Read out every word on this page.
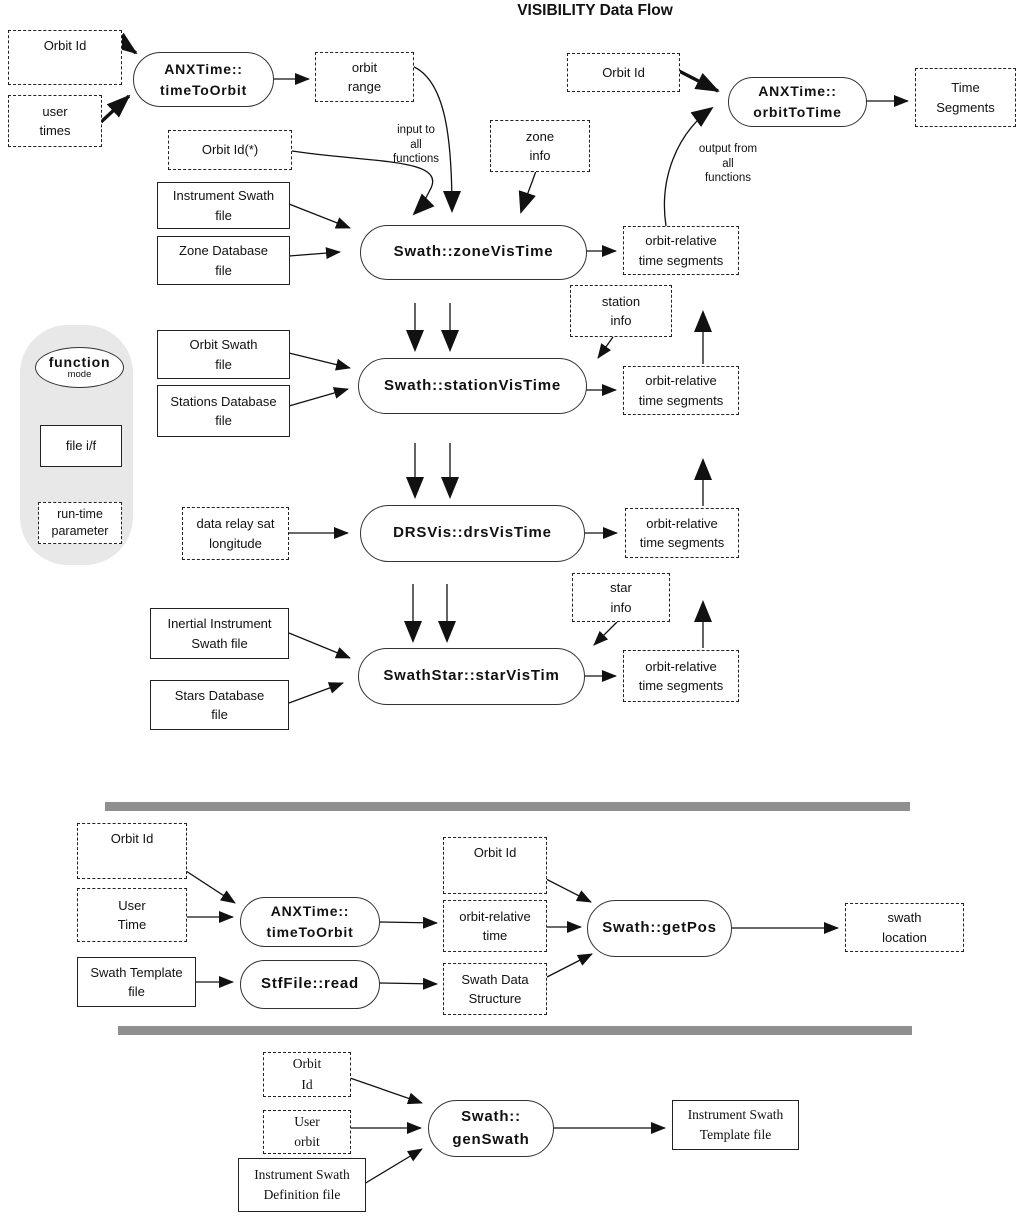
VISIBILITY Data Flow
Orbit Id
user
times
ANXTime::
timeToOrbit
orbit
range
Orbit Id(*)
input to
all
functions
zone
info
Orbit Id
ANXTime::
orbitToTime
output from
all
functions
Time
Segments
Instrument Swath
file
Zone Database
file
Swath::zoneVisTime
orbit-relative
time segments
station
info
Orbit Swath
file
Stations Database
file
Swath::stationVisTime	orbit-relative
time segments
function
mode
file i/f
run-time
parameter	data relay sat
longitude
DRSVis::drsVisTime
orbit-relative
time segments
star
info
Inertial Instrument
Swath file
Stars Database
file
SwathStar::starVisTim
orbit-relative
time segments
Orbit Id
User
Time
ANXTime::
timeToOrbit
Swath Template
file	StfFile::read
Orbit Id
orbit-relative
time
Swath Data
Structure
Swath::getPos
swath
location
Orbit
Id
User
orbit
Instrument Swath
Definition file
Swath::
genSwath
Instrument Swath
Template file
